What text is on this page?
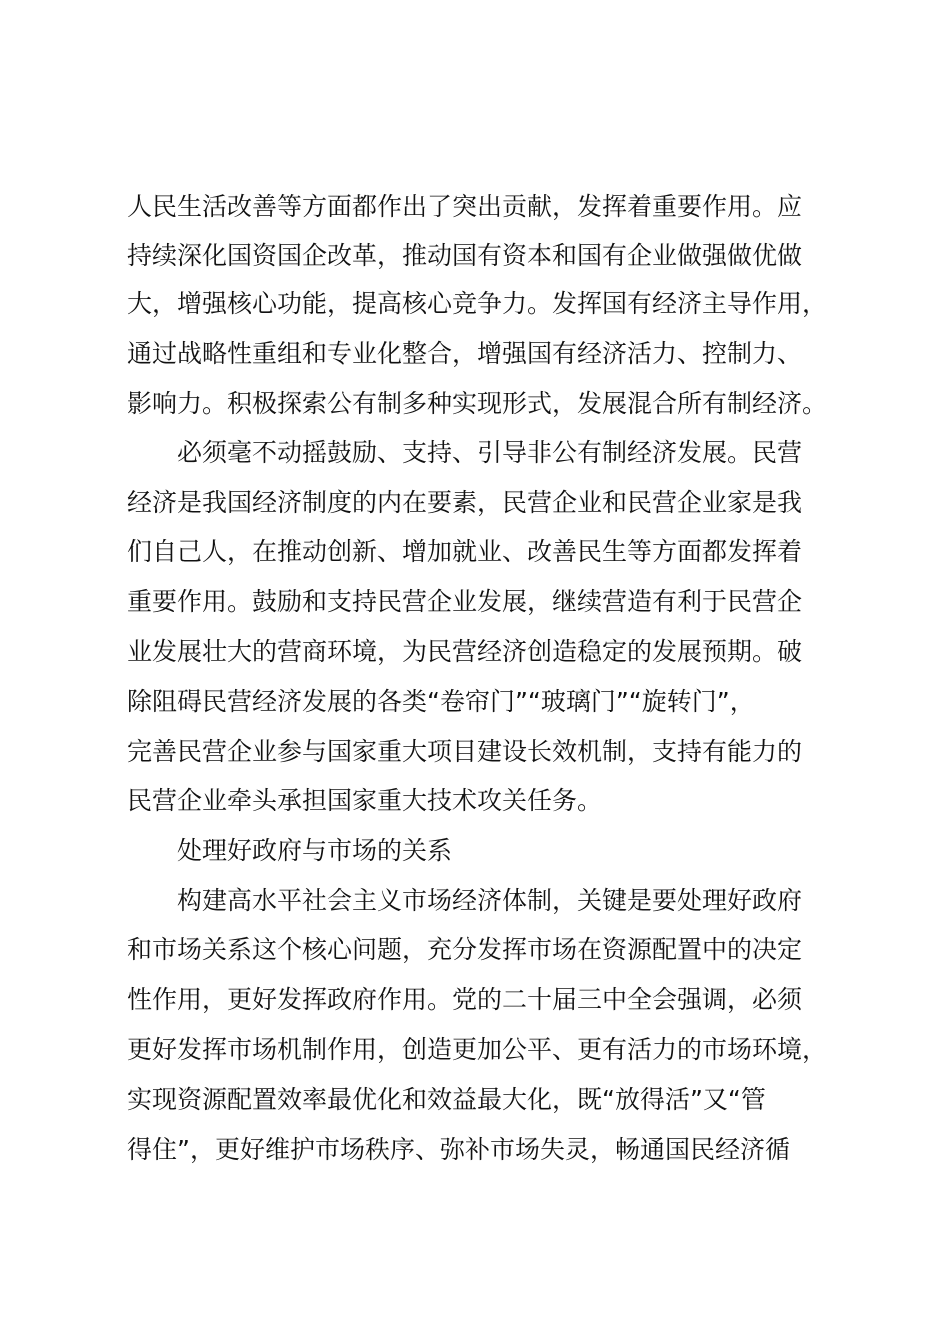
人民生活改善等方面都作出了突出贡献，发挥着重要作用。应
持续深化国资国企改革，推动国有资本和国有企业做强做优做
大，增强核心功能，提高核心竞争力。发挥国有经济主导作用，
通过战略性重组和专业化整合，增强国有经济活力、控制力、
影响力。积极探索公有制多种实现形式，发展混合所有制经济。
必须毫不动摇鼓励、支持、引导非公有制经济发展。民营
经济是我国经济制度的内在要素，民营企业和民营企业家是我
们自己人，在推动创新、增加就业、改善民生等方面都发挥着
重要作用。鼓励和支持民营企业发展，继续营造有利于民营企
业发展壮大的营商环境，为民营经济创造稳定的发展预期。破
除阻碍民营经济发展的各类“卷帘门”“玻璃门”“旋转门”，
完善民营企业参与国家重大项目建设长效机制，支持有能力的
民营企业牵头承担国家重大技术攻关任务。
处理好政府与市场的关系
构建高水平社会主义市场经济体制，关键是要处理好政府
和市场关系这个核心问题，充分发挥市场在资源配置中的决定
性作用，更好发挥政府作用。党的二十届三中全会强调，必须
更好发挥市场机制作用，创造更加公平、更有活力的市场环境，
实现资源配置效率最优化和效益最大化，既“放得活”又“管
得住”，更好维护市场秩序、弥补市场失灵，畅通国民经济循
